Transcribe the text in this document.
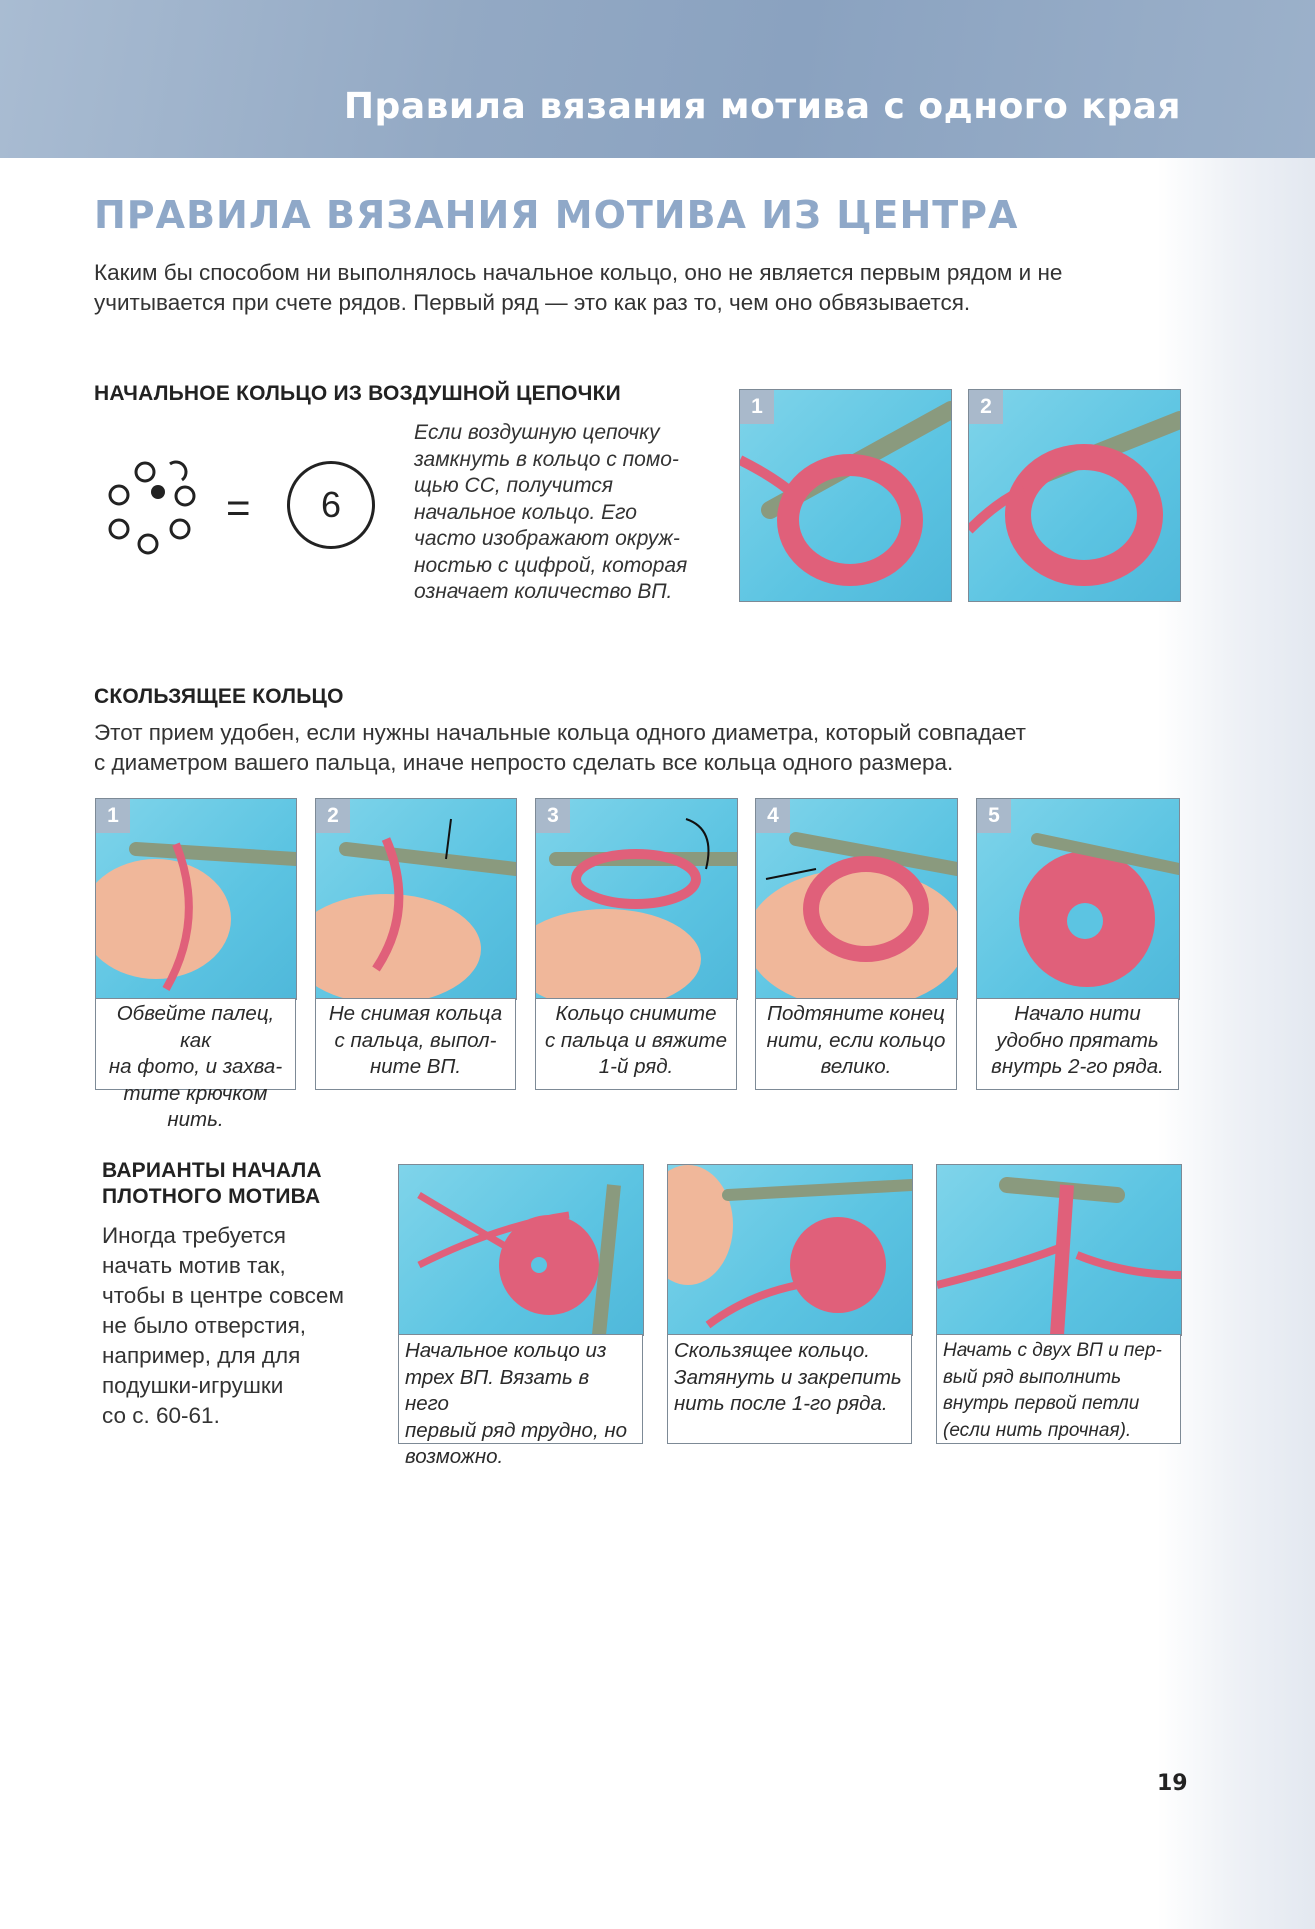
Правила вязания мотива с одного края
ПРАВИЛА ВЯЗАНИЯ МОТИВА ИЗ ЦЕНТРА
Каким бы способом ни выполнялось начальное кольцо, оно не является первым рядом и не
учитывается при счете рядов. Первый ряд — это как раз то, чем оно обвязывается.
НАЧАЛЬНОЕ КОЛЬЦО ИЗ ВОЗДУШНОЙ ЦЕПОЧКИ
=	6
Если воздушную цепочку
замкнуть в кольцо с помо-
щью СС, получится
начальное кольцо. Его
часто изображают окруж-
ностью с цифрой, которая
означает количество ВП.
1	2
СКОЛЬЗЯЩЕЕ КОЛЬЦО
Этот прием удобен, если нужны начальные кольца одного диаметра, который совпадает
с диаметром вашего пальца, иначе непросто сделать все кольца одного размера.
1	2	3	4	5
Обвейте палец, как
на фото, и захва-
тите крючком нить.
Не снимая кольца
с пальца, выпол-
ните ВП.
Кольцо снимите
с пальца и вяжите
1-й ряд.
Подтяните конец
нити, если кольцо
велико.
Начало нити
удобно прятать
внутрь 2-го ряда.
ВАРИАНТЫ НАЧАЛА
ПЛОТНОГО МОТИВА
Иногда требуется
начать мотив так,
чтобы в центре совсем
не было отверстия,
например, для для
подушки-игрушки
со с. 60-61.
Начальное кольцо из
трех ВП. Вязать в него
первый ряд трудно, но
возможно.
Скользящее кольцо.
Затянуть и закрепить
нить после 1-го ряда.
Начать с двух ВП и пер-
вый ряд выполнить
внутрь первой петли
(если нить прочная).
19
